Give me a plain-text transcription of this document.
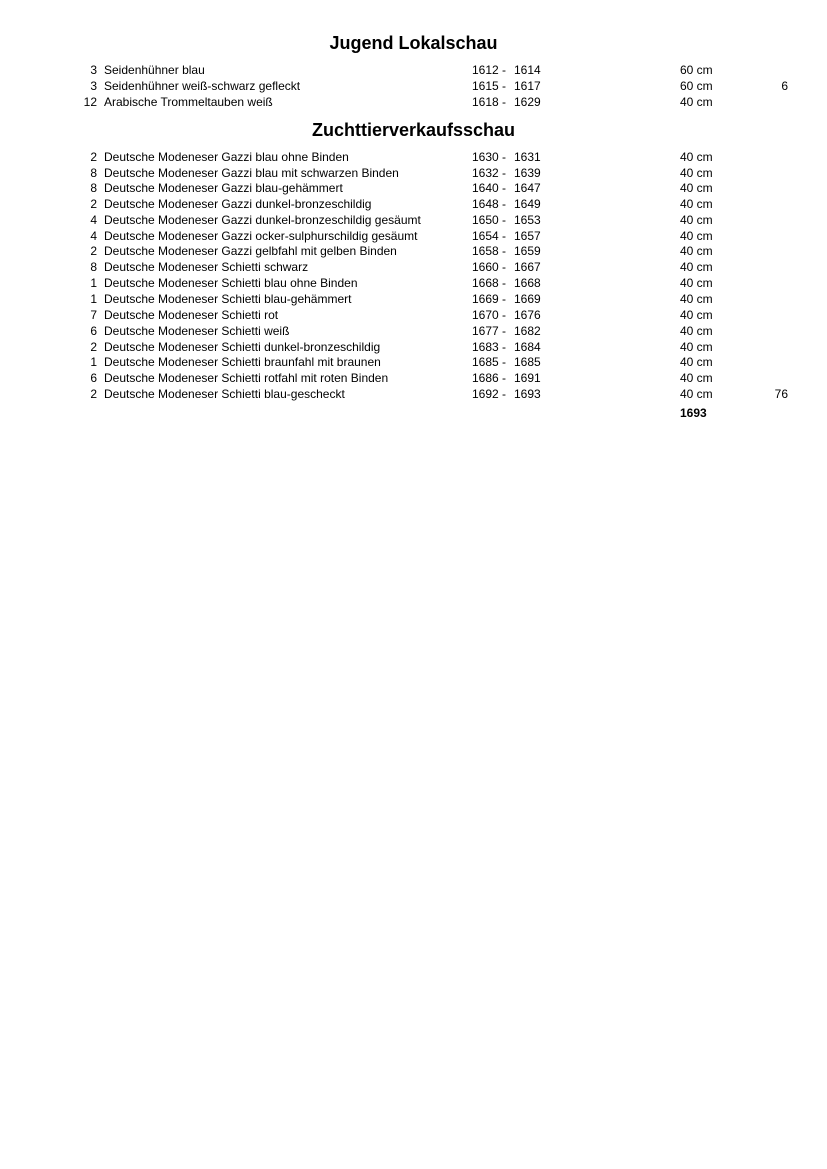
Jugend Lokalschau
3 Seidenhühner blau	1612 - 1614	60 cm
3 Seidenhühner weiß-schwarz gefleckt	1615 - 1617	60 cm	6
12 Arabische Trommeltauben weiß	1618 - 1629	40 cm
Zuchttierverkaufsschau
2 Deutsche Modeneser Gazzi blau ohne Binden	1630 - 1631	40 cm
8 Deutsche Modeneser Gazzi blau mit schwarzen Binden	1632 - 1639	40 cm
8 Deutsche Modeneser Gazzi blau-gehämmert	1640 - 1647	40 cm
2 Deutsche Modeneser Gazzi dunkel-bronzeschildig	1648 - 1649	40 cm
4 Deutsche Modeneser Gazzi dunkel-bronzeschildig gesäumt	1650 - 1653	40 cm
4 Deutsche Modeneser Gazzi ocker-sulphurschildig gesäumt	1654 - 1657	40 cm
2 Deutsche Modeneser Gazzi gelbfahl mit gelben Binden	1658 - 1659	40 cm
8 Deutsche Modeneser Schietti schwarz	1660 - 1667	40 cm
1 Deutsche Modeneser Schietti blau ohne Binden	1668 - 1668	40 cm
1 Deutsche Modeneser Schietti blau-gehämmert	1669 - 1669	40 cm
7 Deutsche Modeneser Schietti rot	1670 - 1676	40 cm
6 Deutsche Modeneser Schietti weiß	1677 - 1682	40 cm
2 Deutsche Modeneser Schietti dunkel-bronzeschildig	1683 - 1684	40 cm
1 Deutsche Modeneser Schietti braunfahl mit braunen	1685 - 1685	40 cm
6 Deutsche Modeneser Schietti rotfahl mit roten Binden	1686 - 1691	40 cm
2 Deutsche Modeneser Schietti blau-gescheckt	1692 - 1693	40 cm	76
1693
